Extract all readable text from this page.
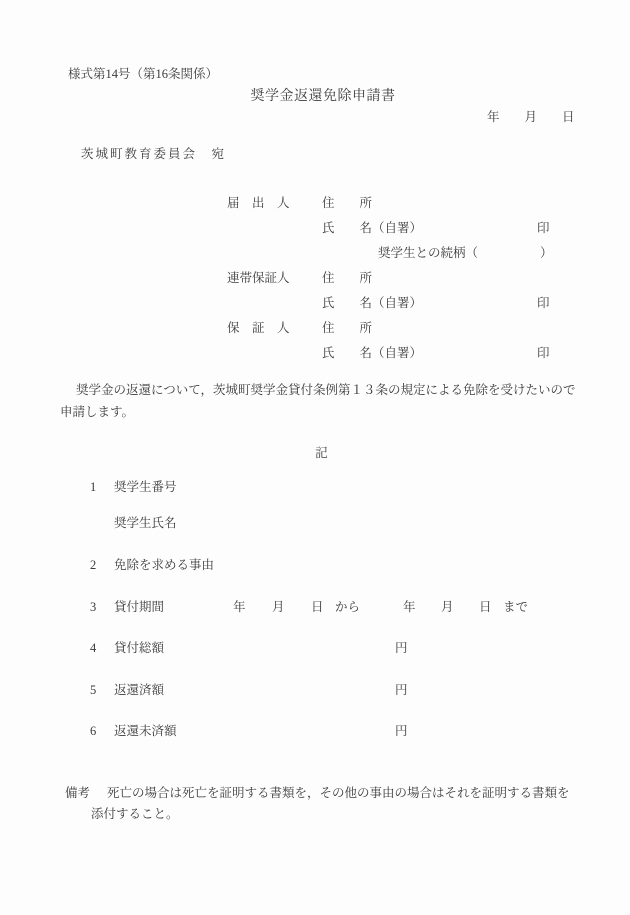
様式第14号（第16条関係）
奨学金返還免除申請書
年　　月　　日
茨城町教育委員会　宛
届　出　人	住　　所
氏　　名（自署）	印
奨学生との続柄（	）
連帯保証人	住　　所
氏　　名（自署）	印
保　証　人	住　　所
氏　　名（自署）	印
奨学金の返還について，茨城町奨学金貸付条例第１３条の規定による免除を受けたいので
申請します。
記
1 奨学生番号
奨学生氏名
2 免除を求める事由
3 貸付期間	年 月 日 から	年 月 日 まで
4 貸付総額	円
5 返還済額	円
6 返還未済額	円
備考 死亡の場合は死亡を証明する書類を，その他の事由の場合はそれを証明する書類を
添付すること。
